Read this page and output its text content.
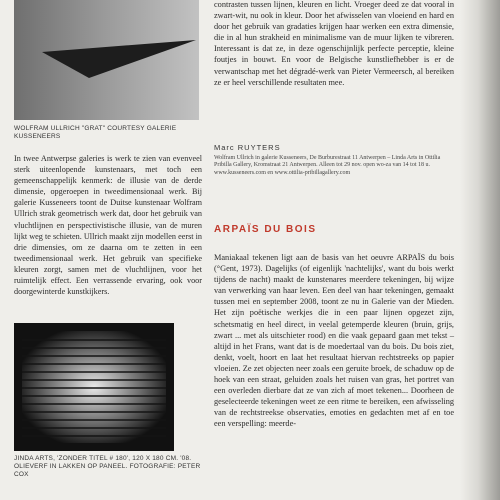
WOLFRAM ULLRICH "GRAT" COURTESY GALERIE KUSSENEERS
In twee Antwerpse galeries is werk te zien van evenveel sterk uiteenlopende kunstenaars, met toch een gemeenschappelijk kenmerk: de illusie van de derde dimensie, opgeroepen in tweedimensionaal werk. Bij galerie Kusseneers toont de Duitse kunstenaar Wolfram Ullrich strak geometrisch werk dat, door het gebruik van vluchtlijnen en perspectivistische illusie, van de muren lijkt weg te schieten. Ullrich maakt zijn modellen eerst in drie dimensies, om ze daarna om te zetten in een tweedimensionaal werk. Het gebruik van specifieke kleuren zorgt, samen met de vluchtlijnen, voor het ruimtelijk effect. Een verrassende ervaring, ook voor doorgewinterde kunstkijkers.
JINDA ARTS, 'ZONDER TITEL # 180', 120 X 180 CM. '08. OLIEVERF IN LAKKEN OP PANEEL. FOTOGRAFIE: PETER COX
contrasten tussen lijnen, kleuren en licht. Vroeger deed ze dat vooral in zwart-wit, nu ook in kleur. Door het afwisselen van vloeiend en hard en door het gebruik van gradaties krijgen haar werken een extra dimensie, die in al hun strakheid en minimalisme van de muur lijken te vibreren. Interessant is dat ze, in deze ogenschijnlijk perfecte perceptie, kleine foutjes in bouwt. En voor de Belgische kunstliefhebber is er de verwantschap met het dégradé-werk van Pieter Vermeersch, al bereiken ze er heel verschillende resultaten mee.
Marc RUYTERS
Wolfram Ullrich in galerie Kusseneers, De Burburestraat 11 Antwerpen – Linda Arts in Ottilia Pribilla Gallery, Kromstraat 21 Antwerpen. Alleen tot 29 nov. open wo-za van 14 tot 18 u. www.kusseneers.com en www.ottilia-pribillagallery.com
ARPAÏS DU BOIS
Maniakaal tekenen ligt aan de basis van het oeuvre ARPAÏS du bois (°Gent, 1973). Dagelijks (of eigenlijk 'nachtelijks', want du bois werkt tijdens de nacht) maakt de kunstenares meerdere tekeningen, bij wijze van verwerking van haar leven. Een deel van haar tekeningen, gemaakt tussen mei en september 2008, toont ze nu in Galerie van der Mieden. Het zijn poëtische werkjes die in een paar lijnen opgezet zijn, schetsmatig en heel direct, in veelal getemperde kleuren (bruin, grijs, zwart ... met als uitschieter rood) en die vaak gepaard gaan met tekst – altijd in het Frans, want dat is de moedertaal van du bois. Du bois ziet, denkt, voelt, hoort en laat het resultaat hiervan rechtstreeks op papier vloeien. Ze zet objecten neer zoals een geruite broek, de schaduw op de hoek van een straat, geluiden zoals het ruisen van gras, het portret van een overleden dierbare dat ze van zich af moet tekenen... Doorheen de geselecteerde tekeningen weet ze een ritme te bereiken, een afwisseling van de rechtstreekse observaties, emoties en gedachten met af en toe een verspelling: meerde-
